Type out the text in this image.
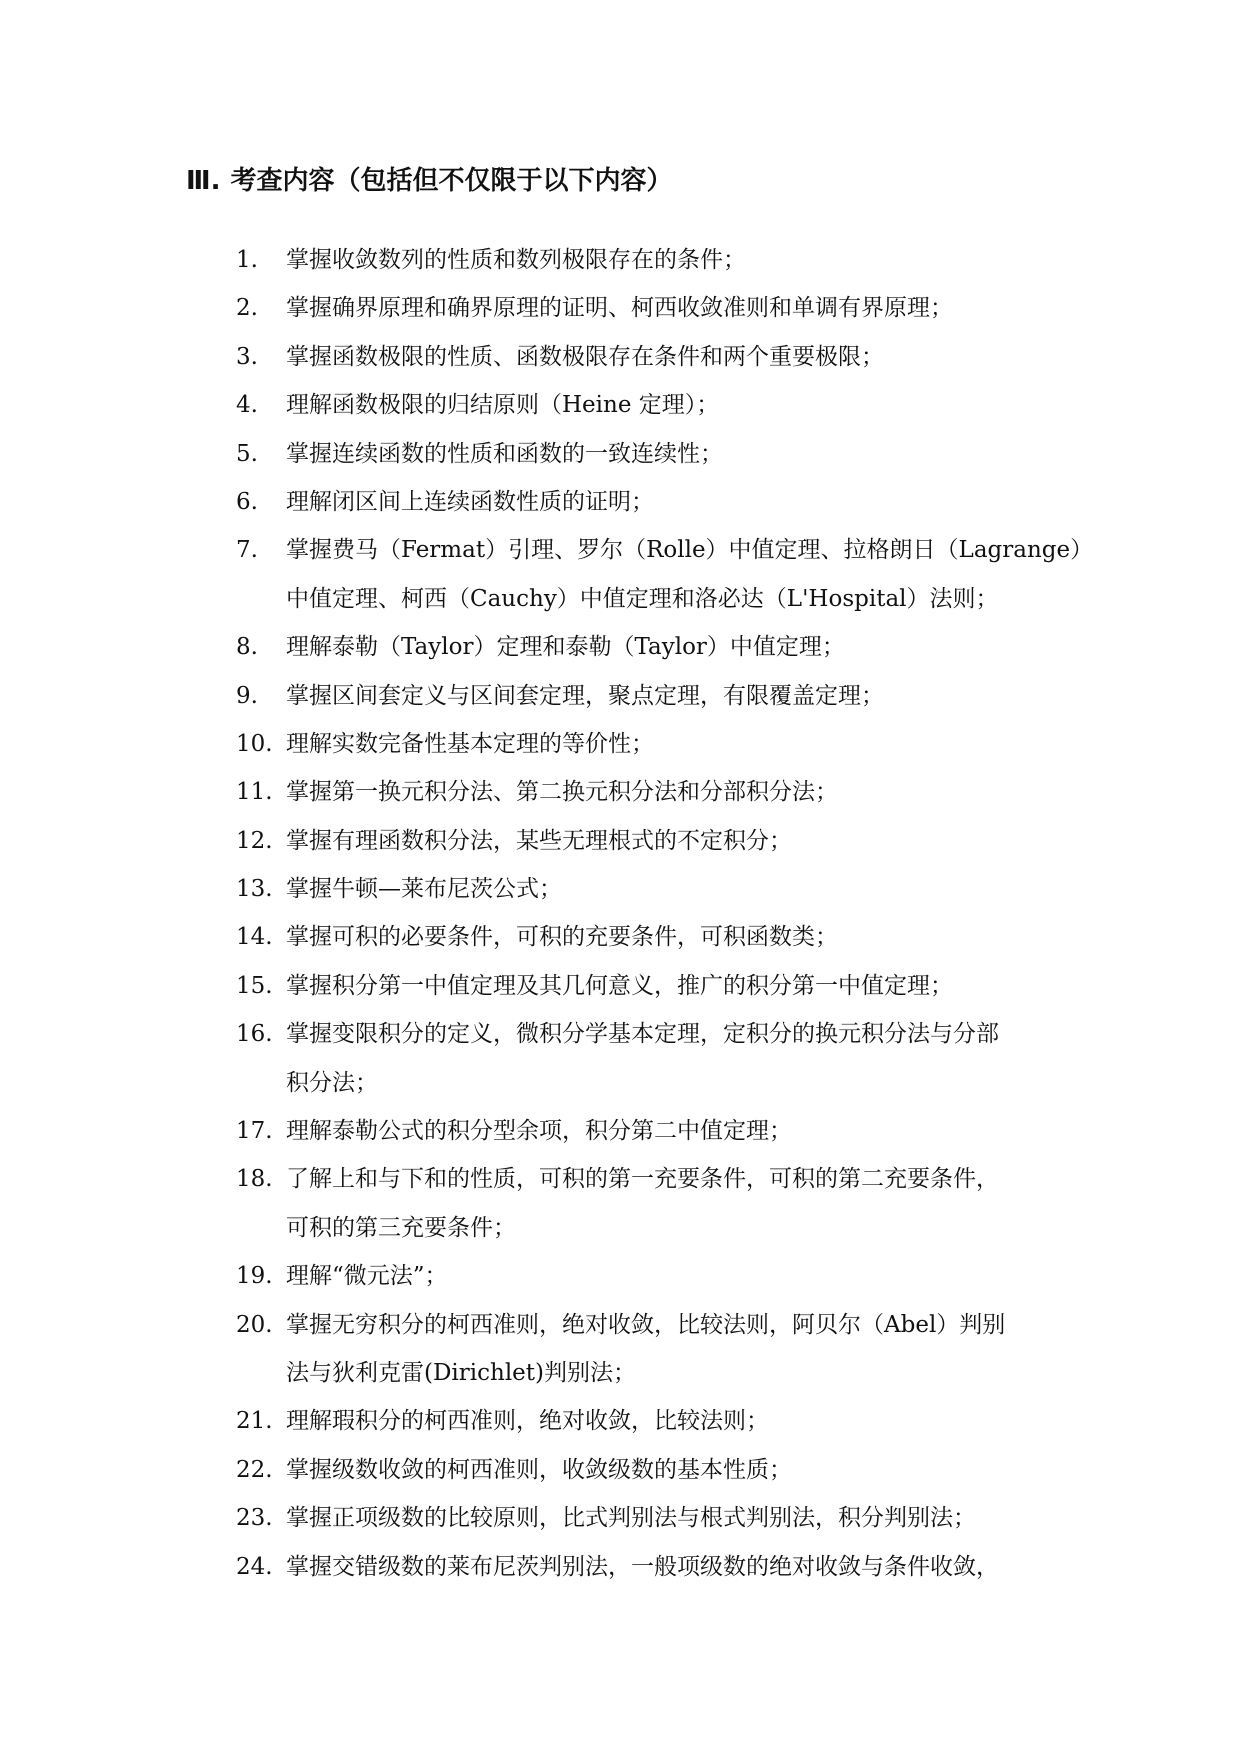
Ⅲ. 考查内容（包括但不仅限于以下内容）
1.	掌握收敛数列的性质和数列极限存在的条件；
2.	掌握确界原理和确界原理的证明、柯西收敛准则和单调有界原理；
3.	掌握函数极限的性质、函数极限存在条件和两个重要极限；
4.	理解函数极限的归结原则（Heine 定理）；
5.	掌握连续函数的性质和函数的一致连续性；
6.	理解闭区间上连续函数性质的证明；
7.	掌握费马（Fermat）引理、罗尔（Rolle）中值定理、拉格朗日（Lagrange）
中值定理、柯西（Cauchy）中值定理和洛必达（L'Hospital）法则；
8.	理解泰勒（Taylor）定理和泰勒（Taylor）中值定理；
9.	掌握区间套定义与区间套定理，聚点定理，有限覆盖定理；
10. 理解实数完备性基本定理的等价性；
11. 掌握第一换元积分法、第二换元积分法和分部积分法；
12. 掌握有理函数积分法，某些无理根式的不定积分；
13. 掌握牛顿—莱布尼茨公式；
14. 掌握可积的必要条件，可积的充要条件，可积函数类；
15. 掌握积分第一中值定理及其几何意义，推广的积分第一中值定理；
16. 掌握变限积分的定义，微积分学基本定理，定积分的换元积分法与分部
积分法；
17. 理解泰勒公式的积分型余项，积分第二中值定理；
18. 了解上和与下和的性质，可积的第一充要条件，可积的第二充要条件，
可积的第三充要条件；
19. 理解“微元法”；
20. 掌握无穷积分的柯西准则，绝对收敛，比较法则，阿贝尔（Abel）判别
法与狄利克雷(Dirichlet)判别法；
21. 理解瑕积分的柯西准则，绝对收敛，比较法则；
22. 掌握级数收敛的柯西准则，收敛级数的基本性质；
23. 掌握正项级数的比较原则，比式判别法与根式判别法，积分判别法；
24. 掌握交错级数的莱布尼茨判别法，一般项级数的绝对收敛与条件收敛，
